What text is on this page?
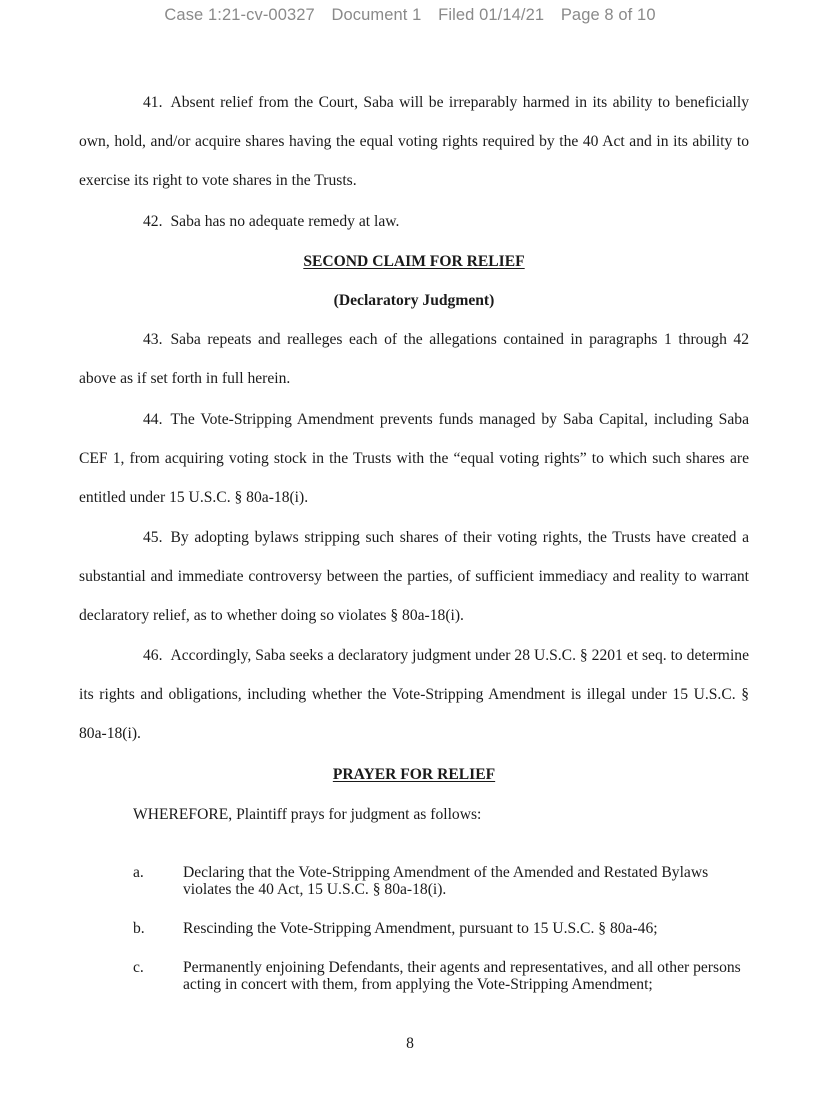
Case 1:21-cv-00327 Document 1 Filed 01/14/21 Page 8 of 10

41. Absent relief from the Court, Saba will be irreparably harmed in its ability to beneficially own, hold, and/or acquire shares having the equal voting rights required by the 40 Act and in its ability to exercise its right to vote shares in the Trusts.

42. Saba has no adequate remedy at law.

SECOND CLAIM FOR RELIEF

(Declaratory Judgment)

43. Saba repeats and realleges each of the allegations contained in paragraphs 1 through 42 above as if set forth in full herein.

44. The Vote-Stripping Amendment prevents funds managed by Saba Capital, including Saba CEF 1, from acquiring voting stock in the Trusts with the “equal voting rights” to which such shares are entitled under 15 U.S.C. § 80a-18(i).

45. By adopting bylaws stripping such shares of their voting rights, the Trusts have created a substantial and immediate controversy between the parties, of sufficient immediacy and reality to warrant declaratory relief, as to whether doing so violates § 80a-18(i).

46. Accordingly, Saba seeks a declaratory judgment under 28 U.S.C. § 2201 et seq. to determine its rights and obligations, including whether the Vote-Stripping Amendment is illegal under 15 U.S.C. § 80a-18(i).

PRAYER FOR RELIEF

WHEREFORE, Plaintiff prays for judgment as follows:

a.	Declaring that the Vote-Stripping Amendment of the Amended and Restated Bylaws violates the 40 Act, 15 U.S.C. § 80a-18(i).
b. Rescinding the Vote-Stripping Amendment, pursuant to 15 U.S.C. § 80a-46;
c.	Permanently enjoining Defendants, their agents and representatives, and all other persons acting in concert with them, from applying the Vote-Stripping Amendment;
8
